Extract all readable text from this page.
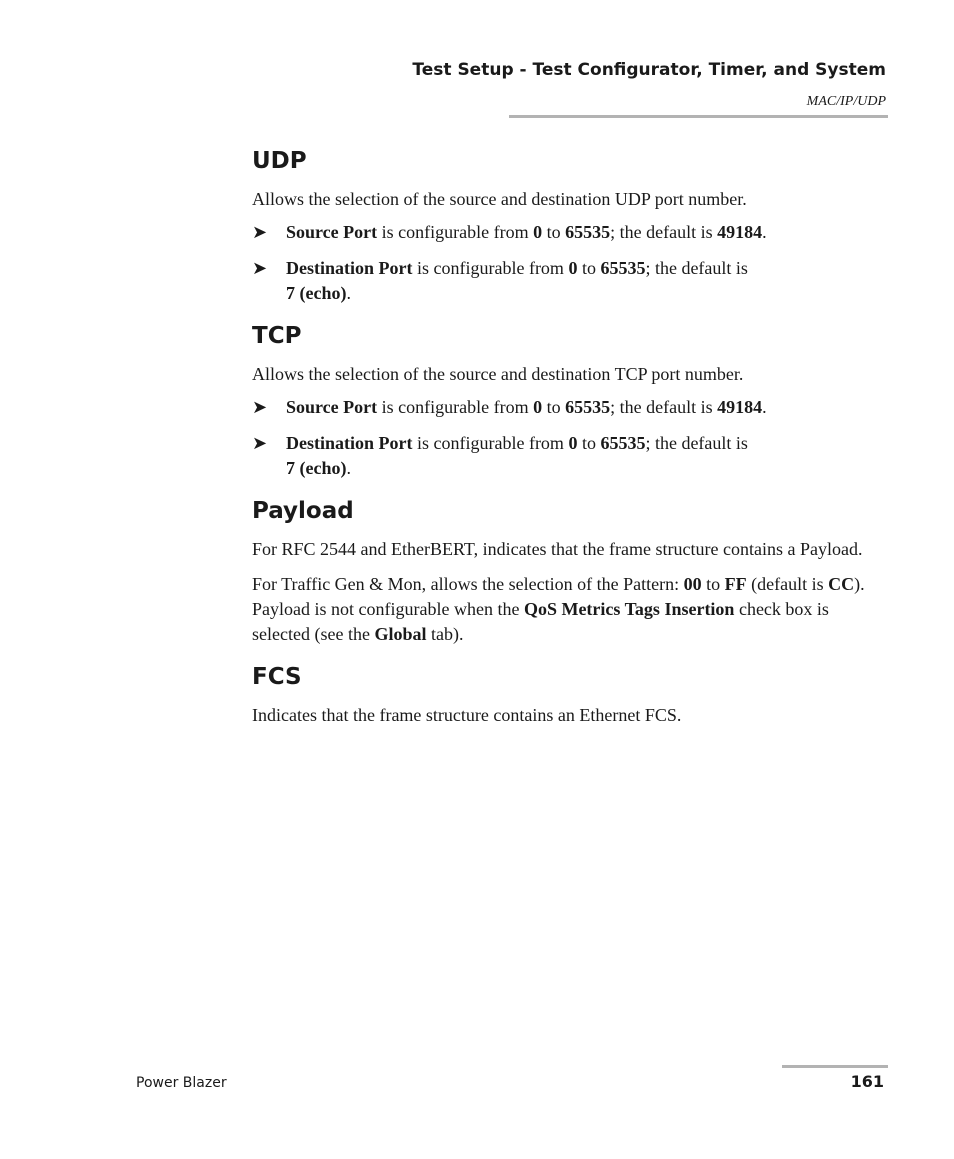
Test Setup - Test Configurator, Timer, and System

MAC/IP/UDP

UDP

Allows the selection of the source and destination UDP port number.

➤ Source Port is configurable from 0 to 65535; the default is 49184.
➤ Destination Port is configurable from 0 to 65535; the default is
7 (echo).
TCP

Allows the selection of the source and destination TCP port number.

➤ Source Port is configurable from 0 to 65535; the default is 49184.
➤ Destination Port is configurable from 0 to 65535; the default is
7 (echo).
Payload

For RFC 2544 and EtherBERT, indicates that the frame structure contains a Payload.

For Traffic Gen & Mon, allows the selection of the Pattern: 00 to FF (default is CC). Payload is not configurable when the QoS Metrics Tags Insertion check box is selected (see the Global tab).

FCS

Indicates that the frame structure contains an Ethernet FCS.

Power Blazer	161
